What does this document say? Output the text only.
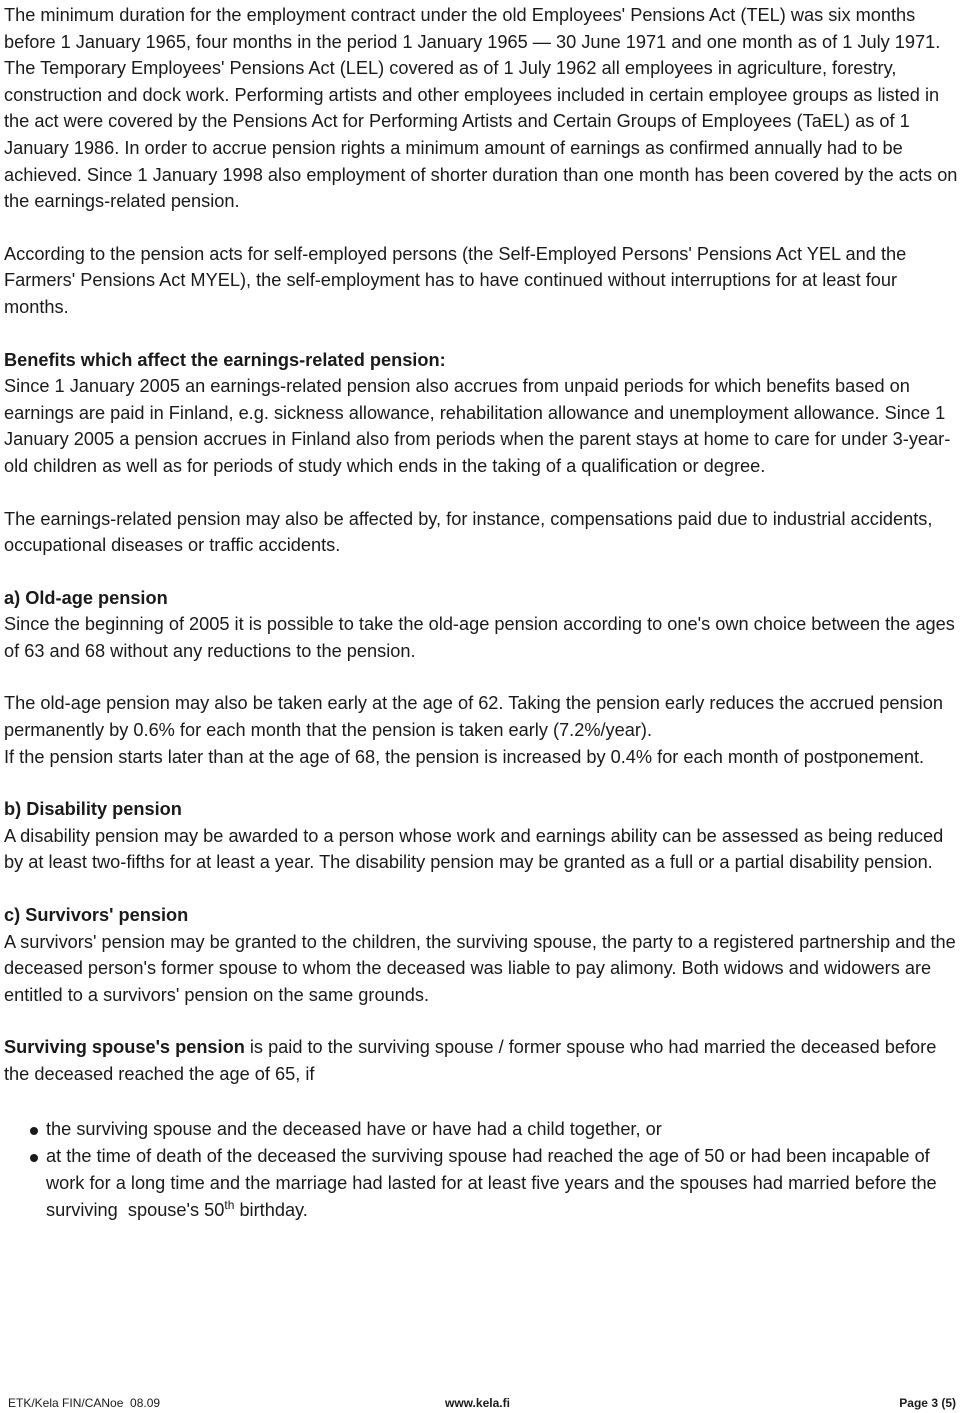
The minimum duration for the employment contract under the old Employees' Pensions Act (TEL) was six months before 1 January 1965, four months in the period 1 January 1965 — 30 June 1971 and one month as of 1 July 1971. The Temporary Employees' Pensions Act (LEL) covered as of 1 July 1962 all employees in agriculture, forestry, construction and dock work. Performing artists and other employees included in certain employee groups as listed in the act were covered by the Pensions Act for Performing Artists and Certain Groups of Employees (TaEL) as of 1 January 1986. In order to accrue pension rights a minimum amount of earnings as confirmed annually had to be achieved. Since 1 January 1998 also employment of shorter duration than one month has been covered by the acts on the earnings-related pension.

According to the pension acts for self-employed persons (the Self-Employed Persons' Pensions Act YEL and the Farmers' Pensions Act MYEL), the self-employment has to have continued without interruptions for at least four months.

Benefits which affect the earnings-related pension:

Since 1 January 2005 an earnings-related pension also accrues from unpaid periods for which benefits based on earnings are paid in Finland, e.g. sickness allowance, rehabilitation allowance and unemployment allowance. Since 1 January 2005 a pension accrues in Finland also from periods when the parent stays at home to care for under 3-year-old children as well as for periods of study which ends in the taking of a qualification or degree.

The earnings-related pension may also be affected by, for instance, compensations paid due to industrial accidents, occupational diseases or traffic accidents.

a) Old-age pension

Since the beginning of 2005 it is possible to take the old-age pension according to one's own choice between the ages of 63 and 68 without any reductions to the pension.

The old-age pension may also be taken early at the age of 62. Taking the pension early reduces the accrued pension permanently by 0.6% for each month that the pension is taken early (7.2%/year).

If the pension starts later than at the age of 68, the pension is increased by 0.4% for each month of postponement.

b) Disability pension

A disability pension may be awarded to a person whose work and earnings ability can be assessed as being reduced by at least two-fifths for at least a year. The disability pension may be granted as a full or a partial disability pension.

c) Survivors' pension

A survivors' pension may be granted to the children, the surviving spouse, the party to a registered partnership and the deceased person's former spouse to whom the deceased was liable to pay alimony. Both widows and widowers are entitled to a survivors' pension on the same grounds.

Surviving spouse's pension is paid to the surviving spouse / former spouse who had married the deceased before the deceased reached the age of 65, if

the surviving spouse and the deceased have or have had a child together, or
at the time of death of the deceased the surviving spouse had reached the age of 50 or had been incapable of work for a long time and the marriage had lasted for at least five years and the spouses had married before the surviving  spouse's 50th birthday.
ETK/Kela FIN/CANoe  08.09	www.kela.fi	Page 3 (5)
